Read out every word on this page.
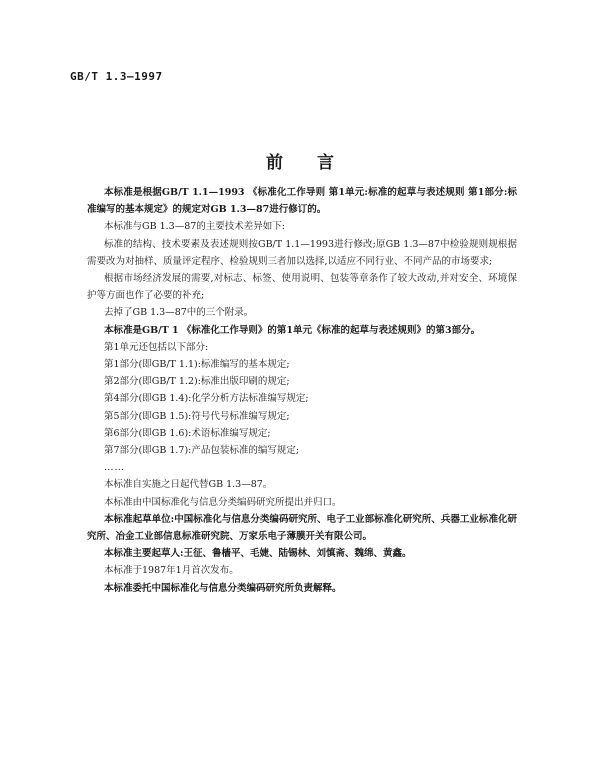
GB/T 1.3—1997
前言

本标准是根据GB/T 1.1—1993 《标准化工作导则 第1单元:标准的起草与表述规则 第1部分:标准编写的基本规定》的规定对GB 1.3—87进行修订的。

本标准与GB 1.3—87的主要技术差异如下:

标准的结构、技术要素及表述规则按GB/T 1.1—1993进行修改;原GB 1.3—87中检验规则规根据需要改为对抽样、质量评定程序、检验规则三者加以选择,以适应不同行业、不同产品的市场要求;

根据市场经济发展的需要,对标志、标签、使用说明、包装等章条作了较大改动,并对安全、环境保护等方面也作了必要的补充;

去掉了GB 1.3—87中的三个附录。

本标准是GB/T 1 《标准化工作导则》的第1单元《标准的起草与表述规则》的第3部分。

第1单元还包括以下部分:

第1部分(即GB/T 1.1):标准编写的基本规定;

第2部分(即GB/T 1.2):标准出版印刷的规定;

第4部分(即GB 1.4):化学分析方法标准编写规定;

第5部分(即GB 1.5):符号代号标准编写规定;

第6部分(即GB 1.6):术语标准编写规定;

第7部分(即GB 1.7):产品包装标准的编写规定;

……

本标准自实施之日起代替GB 1.3—87。

本标准由中国标准化与信息分类编码研究所提出并归口。

本标准起草单位:中国标准化与信息分类编码研究所、电子工业部标准化研究所、兵器工业标准化研究所、冶金工业部信息标准研究院、万家乐电子薄膜开关有限公司。

本标准主要起草人:王征、鲁樯平、毛婕、陆锡林、刘慎斋、魏绵、黄鑫。

本标准于1987年1月首次发布。

本标准委托中国标准化与信息分类编码研究所负责解释。
